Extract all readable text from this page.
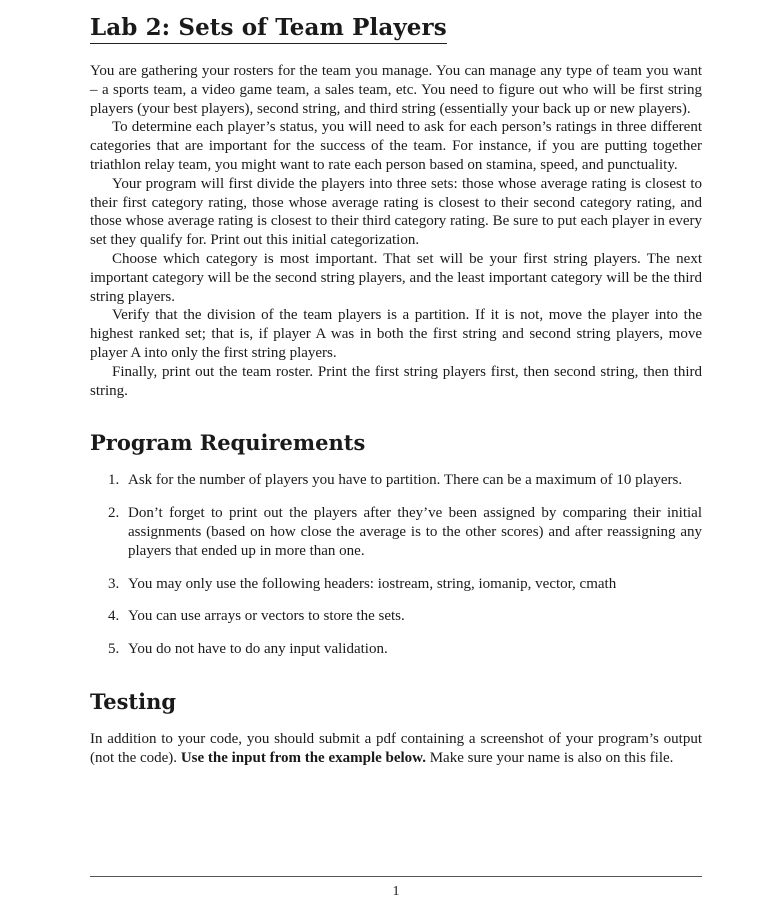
Lab 2: Sets of Team Players

You are gathering your rosters for the team you manage. You can manage any type of team you want – a sports team, a video game team, a sales team, etc. You need to figure out who will be first string players (your best players), second string, and third string (essentially your back up or new players).

To determine each player’s status, you will need to ask for each person’s ratings in three different categories that are important for the success of the team. For instance, if you are putting together triathlon relay team, you might want to rate each person based on stamina, speed, and punctuality.

Your program will first divide the players into three sets: those whose average rating is closest to their first category rating, those whose average rating is closest to their second category rating, and those whose average rating is closest to their third category rating. Be sure to put each player in every set they qualify for. Print out this initial categorization.

Choose which category is most important. That set will be your first string players. The next important category will be the second string players, and the least important category will be the third string players.

Verify that the division of the team players is a partition. If it is not, move the player into the highest ranked set; that is, if player A was in both the first string and second string players, move player A into only the first string players.

Finally, print out the team roster. Print the first string players first, then second string, then third string.

Program Requirements
1. Ask for the number of players you have to partition. There can be a maximum of 10 players.
2. Don’t forget to print out the players after they’ve been assigned by comparing their initial assignments (based on how close the average is to the other scores) and after reassigning any players that ended up in more than one.
3. You may only use the following headers: iostream, string, iomanip, vector, cmath
4. You can use arrays or vectors to store the sets.
5. You do not have to do any input validation.
Testing

In addition to your code, you should submit a pdf containing a screenshot of your program’s output (not the code). Use the input from the example below. Make sure your name is also on this file.

1
